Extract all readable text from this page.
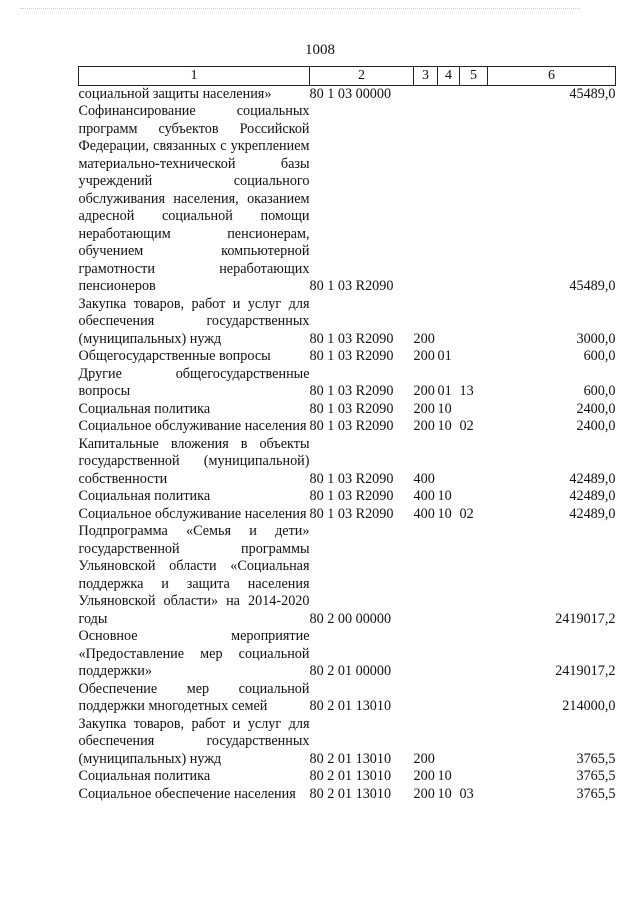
1008
1	2	3	4	5	6
социальной защиты населения»	80 1 03 00000				45489,0
Софинансирование социальных программ субъектов Российской Федерации, связанных с укреплением материально-технической базы учреждений социального обслуживания населения, оказанием адресной социальной помощи неработающим пенсионерам, обучением компьютерной грамотности неработающих пенсионеров	80 1 03 R2090				45489,0
Закупка товаров, работ и услуг для обеспечения государственных (муниципальных) нужд	80 1 03 R2090	200			3000,0
Общегосударственные вопросы	80 1 03 R2090	200	01		600,0
Другие общегосударственные вопросы	80 1 03 R2090	200	01	13	600,0
Социальная политика	80 1 03 R2090	200	10		2400,0
Социальное обслуживание населения	80 1 03 R2090	200	10	02	2400,0
Капитальные вложения в объекты государственной (муниципальной) собственности	80 1 03 R2090	400			42489,0
Социальная политика	80 1 03 R2090	400	10		42489,0
Социальное обслуживание населения	80 1 03 R2090	400	10	02	42489,0
Подпрограмма «Семья и дети» государственной программы Ульяновской области «Социальная поддержка и защита населения Ульяновской области» на 2014-2020 годы	80 2 00 00000				2419017,2
Основное мероприятие «Предоставление мер социальной поддержки»	80 2 01 00000				2419017,2
Обеспечение мер социальной поддержки многодетных семей	80 2 01 13010				214000,0
Закупка товаров, работ и услуг для обеспечения государственных (муниципальных) нужд	80 2 01 13010	200			3765,5
Социальная политика	80 2 01 13010	200	10		3765,5
Социальное обеспечение населения	80 2 01 13010	200	10	03	3765,5
